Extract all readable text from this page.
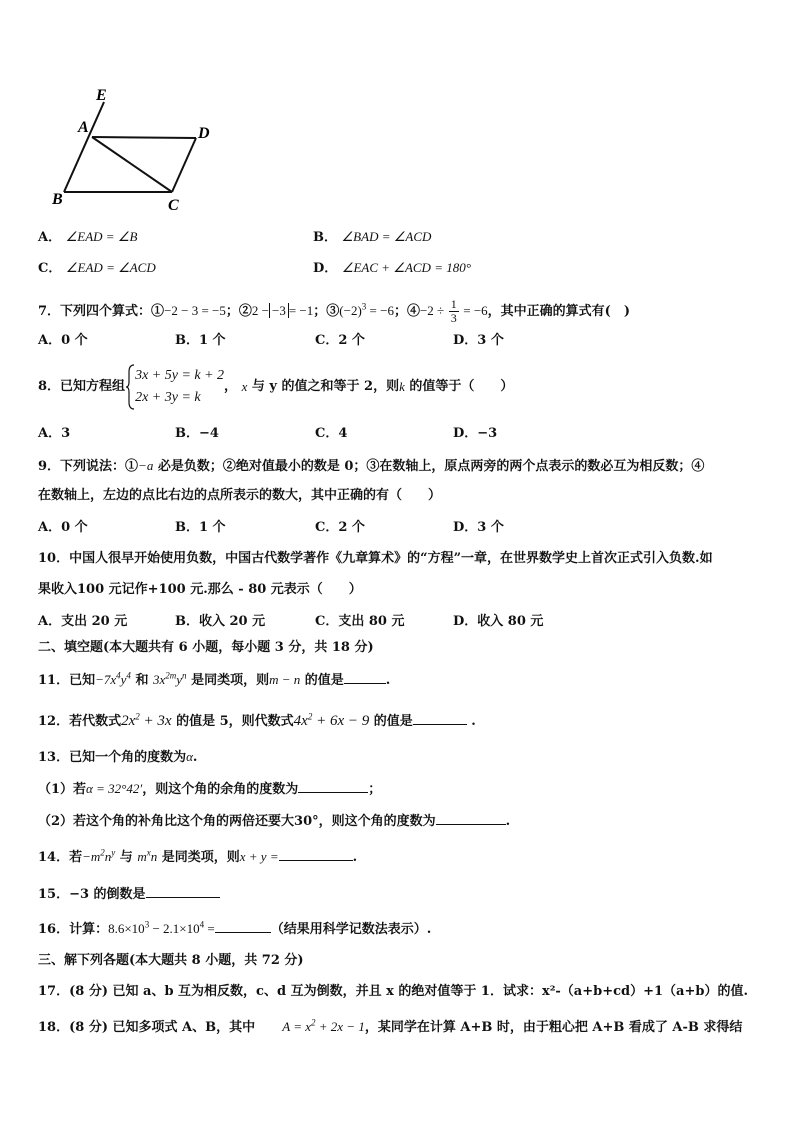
E
A	D
B	C
A． ∠EAD = ∠B	B． ∠BAD = ∠ACD
C． ∠EAD = ∠ACD	D． ∠EAC + ∠ACD = 180°
7．下列四个算式：①−2 − 3 = −5；②2 − −3 = −1；$③(-2)^3 = -6$；④−2 ÷ $\frac{1}{3} = -6$，其中正确的算式有(　)
A．0 个	B．1 个	C．2 个	D．3 个
8．已知方程组
3x + 5y = k + 2
2x + 3y = k
， x 与 y 的值之和等于 2，则k 的值等于（　　）
A．3	B．−4	C．4	D．−3
9．下列说法：①−a 必是负数；②绝对值最小的数是 0；③在数轴上，原点两旁的两个点表示的数必互为相反数；④
在数轴上，左边的点比右边的点所表示的数大，其中正确的有（　　）
A．0 个	B．1 个	C．2 个	D．3 个
10．中国人很早开始使用负数，中国古代数学著作《九章算术》的“方程”一章，在世界数学史上首次正式引入负数.如
果收入100 元记作+100 元.那么 - 80 元表示（　　）
A．支出 20 元	B．收入 20 元	C．支出 80 元	D．收入 80 元
二、填空题(本大题共有 6 小题，每小题 3 分，共 18 分)
11．已知$-7x^4y^4$ 和 $3x^{2m}y^n$ 是同类项，则m − n 的值是	.
12．若代数式$2x^2 + 3x$ 的值是 5，则代数式$4x^2 + 6x - 9$ 的值是	.
13．已知一个角的度数为α.
（1）若α = 32°42′，则这个角的余角的度数为	；
（2）若这个角的补角比这个角的两倍还要大30°，则这个角的度数为	.
14．若$-m^2n^y$ 与 $m^xn$ 是同类项，则x + y =	.
15．−3 的倒数是
16．计算：$8.6\times 10^3 - 2.1\times 10^4$ =	（结果用科学记数法表示）.
三、解下列各题(本大题共 8 小题，共 72 分)
17．(8 分) 已知 a、b 互为相反数，c、d 互为倒数，并且 x 的绝对值等于 1．试求：x²-（a+b+cd）+1（a+b）的值.
18．(8 分) 已知多项式 A、B，其中 $A = x^2 + 2x - 1$，某同学在计算 A+B 时，由于粗心把 A+B 看成了 A-B 求得结
